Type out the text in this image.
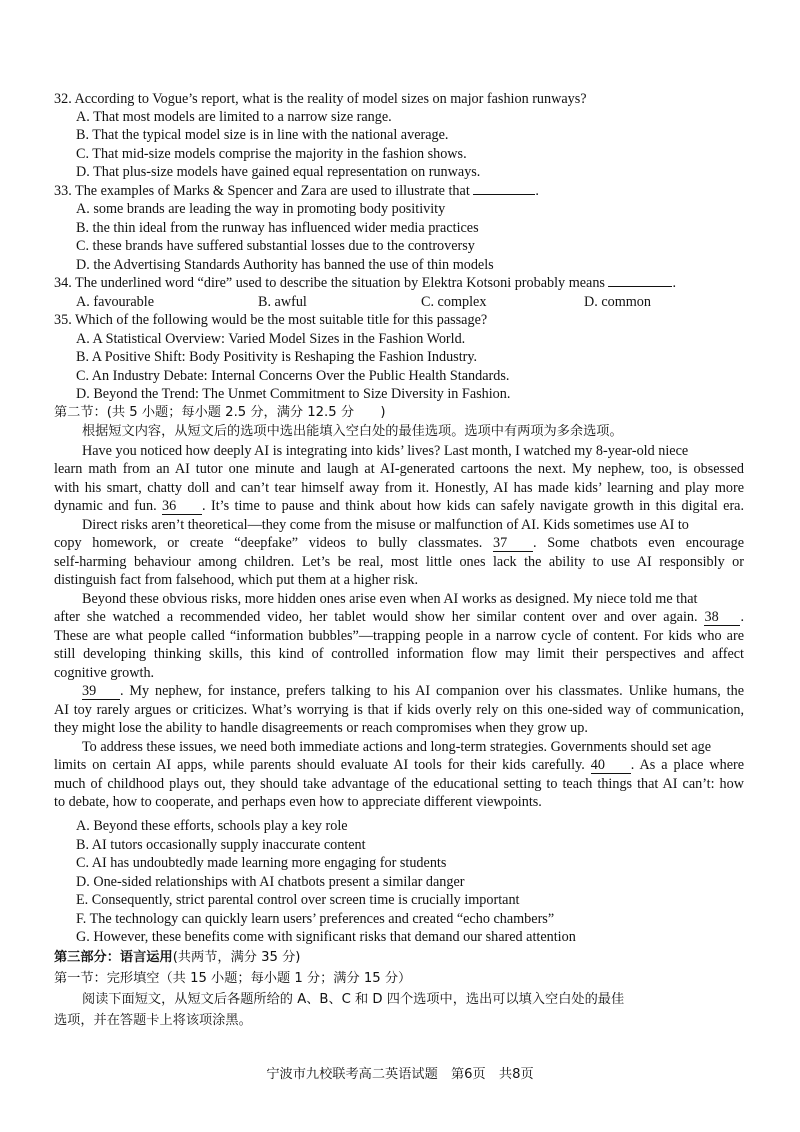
32. According to Vogue’s report, what is the reality of model sizes on major fashion runways?
A. That most models are limited to a narrow size range.
B. That the typical model size is in line with the national average.
C. That mid-size models comprise the majority in the fashion shows.
D. That plus-size models have gained equal representation on runways.
33. The examples of Marks & Spencer and Zara are used to illustrate that	.
A. some brands are leading the way in promoting body positivity
B. the thin ideal from the runway has influenced wider media practices
C. these brands have suffered substantial losses due to the controversy
D. the Advertising Standards Authority has banned the use of thin models
34. The underlined word “dire” used to describe the situation by Elektra Kotsoni probably means	.
A. favourable	B. awful	C. complex	D. common
35. Which of the following would be the most suitable title for this passage?
A. A Statistical Overview: Varied Model Sizes in the Fashion World.
B. A Positive Shift: Body Positivity is Reshaping the Fashion Industry.
C. An Industry Debate: Internal Concerns Over the Public Health Standards.
D. Beyond the Trend: The Unmet Commitment to Size Diversity in Fashion.
第二节：(共 5 小题；每小题 2.5 分，满分 12.5 分　　)
根据短文内容，从短文后的选项中选出能填入空白处的最佳选项。选项中有两项为多余选项。
Have you noticed how deeply AI is integrating into kids’ lives? Last month, I watched my 8-year-old niece
learn math from an AI tutor one minute and laugh at AI-generated cartoons the next. My nephew, too, is obsessed
with his smart, chatty doll and can’t tear himself away from it. Honestly, AI has made kids’ learning and play more
dynamic and fun. 36 . It’s time to pause and think about how kids can safely navigate growth in this digital era.
Direct risks aren’t theoretical—they come from the misuse or malfunction of AI. Kids sometimes use AI to
copy homework, or create “deepfake” videos to bully classmates. 37 . Some chatbots even encourage
self-harming behaviour among children. Let’s be real, most little ones lack the ability to use AI responsibly or
distinguish fact from falsehood, which put them at a higher risk.
Beyond these obvious risks, more hidden ones arise even when AI works as designed. My niece told me that
after she watched a recommended video, her tablet would show her similar content over and over again. 38 .
These are what people called “information bubbles”—trapping people in a narrow cycle of content. For kids who are
still developing thinking skills, this kind of controlled information flow may limit their perspectives and affect
cognitive growth.
39 . My nephew, for instance, prefers talking to his AI companion over his classmates. Unlike humans, the
AI toy rarely argues or criticizes. What’s worrying is that if kids overly rely on this one-sided way of communication,
they might lose the ability to handle disagreements or reach compromises when they grow up.
To address these issues, we need both immediate actions and long-term strategies. Governments should set age
limits on certain AI apps, while parents should evaluate AI tools for their kids carefully. 40 . As a place where
much of childhood plays out, they should take advantage of the educational setting to teach things that AI can’t: how
to debate, how to cooperate, and perhaps even how to appreciate different viewpoints.
A. Beyond these efforts, schools play a key role
B. AI tutors occasionally supply inaccurate content
C. AI has undoubtedly made learning more engaging for students
D. One-sided relationships with AI chatbots present a similar danger
E. Consequently, strict parental control over screen time is crucially important
F. The technology can quickly learn users’ preferences and created “echo chambers”
G. However, these benefits come with significant risks that demand our shared attention
第三部分：语言运用(共两节，满分 35 分)
第一节：完形填空（共 15 小题；每小题 1 分；满分 15 分）
阅读下面短文，从短文后各题所给的 A、B、C 和 D 四个选项中，选出可以填入空白处的最佳
选项，并在答题卡上将该项涂黑。
宁波市九校联考高二英语试题　第6页　共8页
